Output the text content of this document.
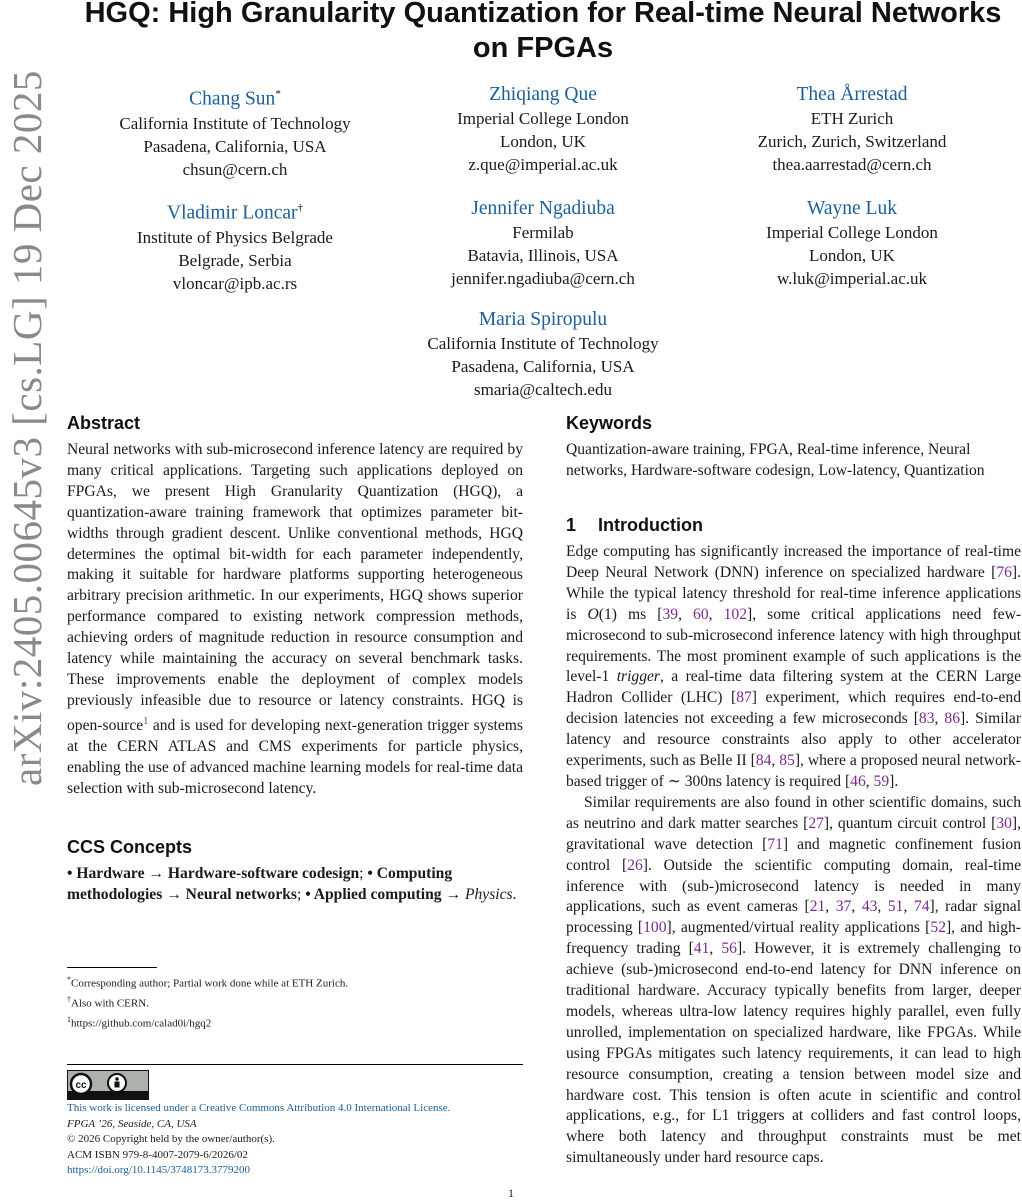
arXiv:2405.00645v3 [cs.LG] 19 Dec 2025
HGQ: High Granularity Quantization for Real-time Neural Networks on FPGAs
Chang Sun*
California Institute of Technology
Pasadena, California, USA
chsun@cern.ch
Zhiqiang Que
Imperial College London
London, UK
z.que@imperial.ac.uk
Thea Årrestad
ETH Zurich
Zurich, Zurich, Switzerland
thea.aarrestad@cern.ch
Vladimir Loncar†
Institute of Physics Belgrade
Belgrade, Serbia
vloncar@ipb.ac.rs
Jennifer Ngadiuba
Fermilab
Batavia, Illinois, USA
jennifer.ngadiuba@cern.ch
Wayne Luk
Imperial College London
London, UK
w.luk@imperial.ac.uk
Maria Spiropulu
California Institute of Technology
Pasadena, California, USA
smaria@caltech.edu

Abstract

Neural networks with sub-microsecond inference latency are required by many critical applications. Targeting such applications deployed on FPGAs, we present High Granularity Quantization (HGQ), a quantization-aware training framework that optimizes parameter bit-widths through gradient descent. Unlike conventional methods, HGQ determines the optimal bit-width for each parameter independently, making it suitable for hardware platforms supporting heterogeneous arbitrary precision arithmetic. In our experiments, HGQ shows superior performance compared to existing network compression methods, achieving orders of magnitude reduction in resource consumption and latency while maintaining the accuracy on several benchmark tasks. These improvements enable the deployment of complex models previously infeasible due to resource or latency constraints. HGQ is open-source$^1$ and is used for developing next-generation trigger systems at the CERN ATLAS and CMS experiments for particle physics, enabling the use of advanced machine learning models for real-time data selection with sub-microsecond latency.

CCS Concepts

• Hardware → Hardware-software codesign; • Computing methodologies → Neural networks; • Applied computing → Physics.

*Corresponding author; Partial work done while at ETH Zurich.

†Also with CERN.

$^1$https://github.com/calad0i/hgq2

cc
This work is licensed under a Creative Commons Attribution 4.0 International License.
FPGA ’26, Seaside, CA, USA
© 2026 Copyright held by the owner/author(s).
ACM ISBN 979-8-4007-2079-6/2026/02
https://doi.org/10.1145/3748173.3779200

Keywords

Quantization-aware training, FPGA, Real-time inference, Neural networks, Hardware-software codesign, Low-latency, Quantization

1 Introduction

Edge computing has significantly increased the importance of real-time Deep Neural Network (DNN) inference on specialized hardware [76]. While the typical latency threshold for real-time inference applications is O(1) ms [39, 60, 102], some critical applications need few-microsecond to sub-microsecond inference latency with high throughput requirements. The most prominent example of such applications is the level-1 trigger, a real-time data filtering system at the CERN Large Hadron Collider (LHC) [87] experiment, which requires end-to-end decision latencies not exceeding a few microseconds [83, 86]. Similar latency and resource constraints also apply to other accelerator experiments, such as Belle II [84, 85], where a proposed neural network-based trigger of ∼ 300ns latency is required [46, 59].

Similar requirements are also found in other scientific domains, such as neutrino and dark matter searches [27], quantum circuit control [30], gravitational wave detection [71] and magnetic confinement fusion control [26]. Outside the scientific computing domain, real-time inference with (sub-)microsecond latency is needed in many applications, such as event cameras [21, 37, 43, 51, 74], radar signal processing [100], augmented/virtual reality applications [52], and high-frequency trading [41, 56]. However, it is extremely challenging to achieve (sub-)microsecond end-to-end latency for DNN inference on traditional hardware. Accuracy typically benefits from larger, deeper models, whereas ultra-low latency requires highly parallel, even fully unrolled, implementation on specialized hardware, like FPGAs. While using FPGAs mitigates such latency requirements, it can lead to high resource consumption, creating a tension between model size and hardware cost. This tension is often acute in scientific and control applications, e.g., for L1 triggers at colliders and fast control loops, where both latency and throughput constraints must be met simultaneously under hard resource caps.

1
